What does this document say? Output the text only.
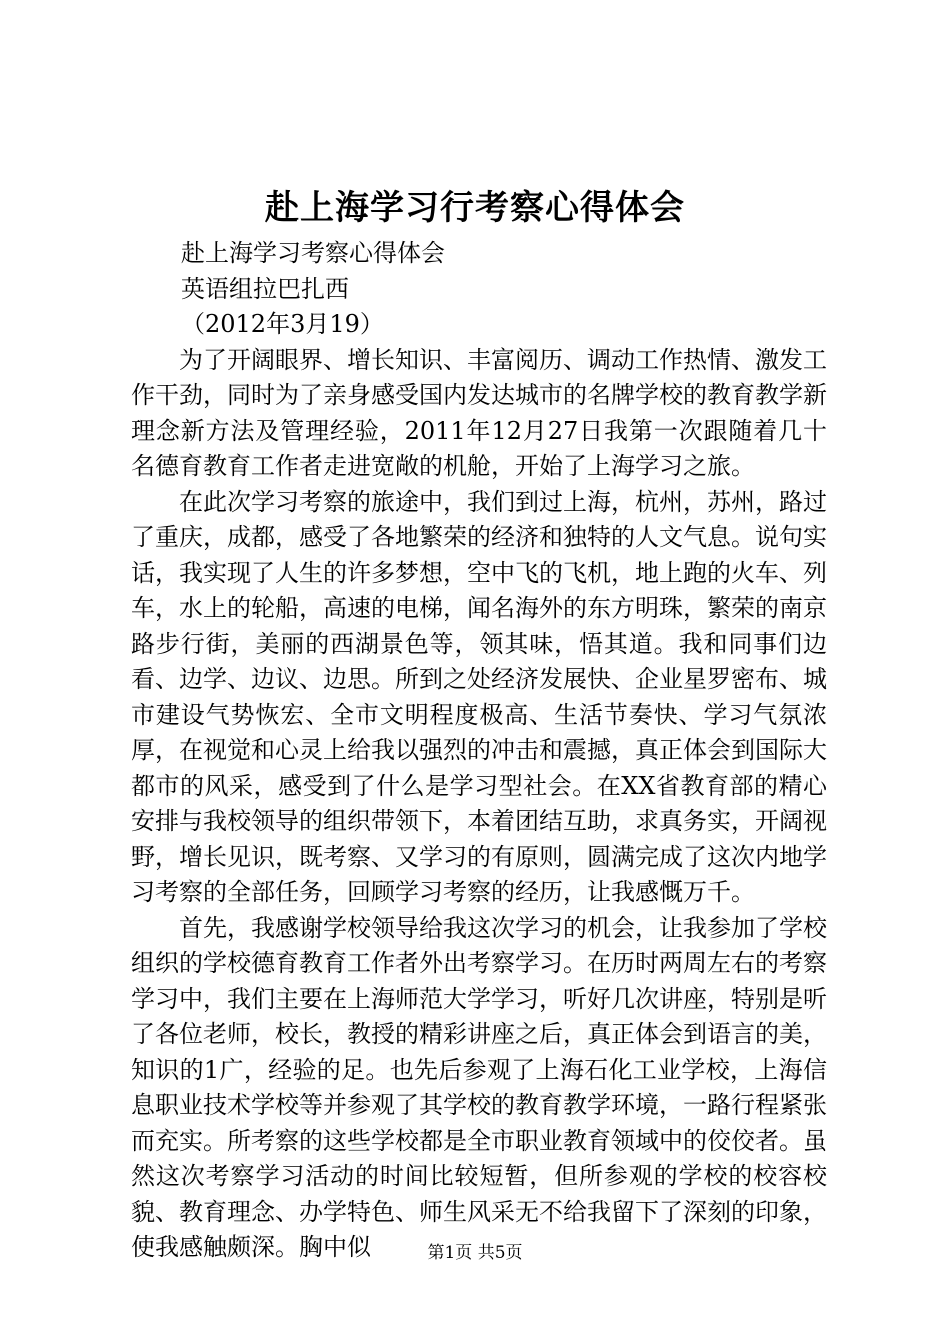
赴上海学习行考察心得体会
赴上海学习考察心得体会
英语组拉巴扎西
（2012年3月19）

为了开阔眼界、增长知识、丰富阅历、调动工作热情、激发工作干劲，同时为了亲身感受国内发达城市的名牌学校的教育教学新理念新方法及管理经验，2011年12月27日我第一次跟随着几十名德育教育工作者走进宽敞的机舱，开始了上海学习之旅。

在此次学习考察的旅途中，我们到过上海，杭州，苏州，路过了重庆，成都，感受了各地繁荣的经济和独特的人文气息。说句实话，我实现了人生的许多梦想，空中飞的飞机，地上跑的火车、列车，水上的轮船，高速的电梯，闻名海外的东方明珠，繁荣的南京路步行街，美丽的西湖景色等，领其味，悟其道。我和同事们边看、边学、边议、边思。所到之处经济发展快、企业星罗密布、城市建设气势恢宏、全市文明程度极高、生活节奏快、学习气氛浓厚，在视觉和心灵上给我以强烈的冲击和震撼，真正体会到国际大都市的风采，感受到了什么是学习型社会。在XX省教育部的精心安排与我校领导的组织带领下，本着团结互助，求真务实，开阔视野，增长见识，既考察、又学习的有原则，圆满完成了这次内地学习考察的全部任务，回顾学习考察的经历，让我感慨万千。

首先，我感谢学校领导给我这次学习的机会，让我参加了学校组织的学校德育教育工作者外出考察学习。在历时两周左右的考察学习中，我们主要在上海师范大学学习，听好几次讲座，特别是听了各位老师，校长，教授的精彩讲座之后，真正体会到语言的美，知识的1广，经验的足。也先后参观了上海石化工业学校，上海信息职业技术学校等并参观了其学校的教育教学环境，一路行程紧张而充实。所考察的这些学校都是全市职业教育领域中的佼佼者。虽然这次考察学习活动的时间比较短暂，但所参观的学校的校容校貌、教育理念、办学特色、师生风采无不给我留下了深刻的印象，使我感触颇深。胸中似	第1页 共5页
